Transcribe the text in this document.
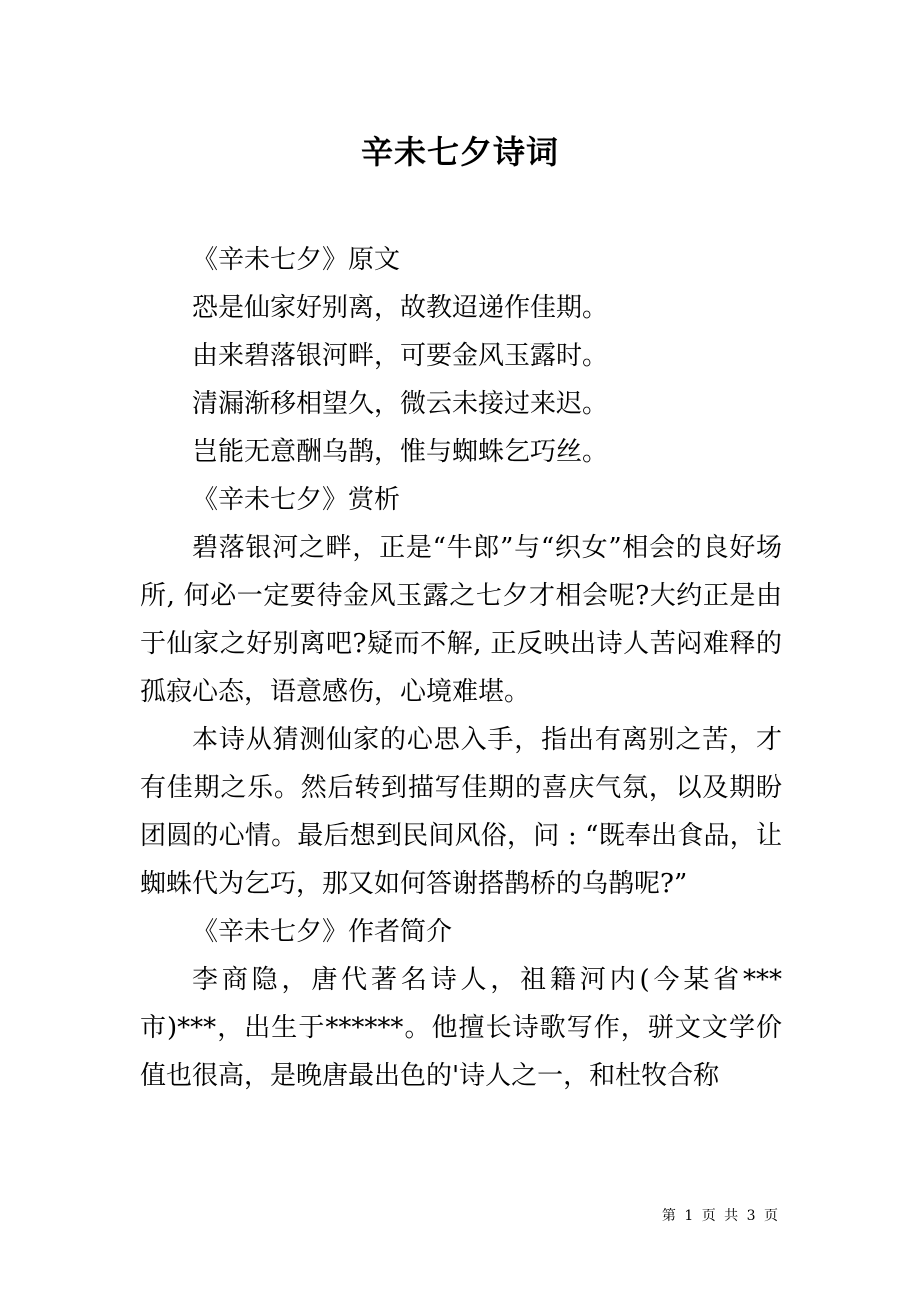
辛未七夕诗词
《辛未七夕》原文
恐是仙家好别离，故教迢递作佳期。
由来碧落银河畔，可要金风玉露时。
清漏渐移相望久，微云未接过来迟。
岂能无意酬乌鹊，惟与蜘蛛乞巧丝。
《辛未七夕》赏析
碧落银河之畔，正是“牛郎”与“织女”相会的良好场所, 何必一定要待金风玉露之七夕才相会呢?大约正是由于仙家之好别离吧?疑而不解, 正反映出诗人苦闷难释的孤寂心态，语意感伤，心境难堪。
本诗从猜测仙家的心思入手，指出有离别之苦，才有佳期之乐。然后转到描写佳期的喜庆气氛，以及期盼团圆的心情。最后想到民间风俗，问 : “既奉出食品，让蜘蛛代为乞巧，那又如何答谢搭鹊桥的乌鹊呢?”
《辛未七夕》作者简介
李商隐，唐代著名诗人，祖籍河内(今某省***市)***，出生于******。他擅长诗歌写作，骈文文学价值也很高，是晚唐最出色的'诗人之一，和杜牧合称
第 1 页 共 3 页
